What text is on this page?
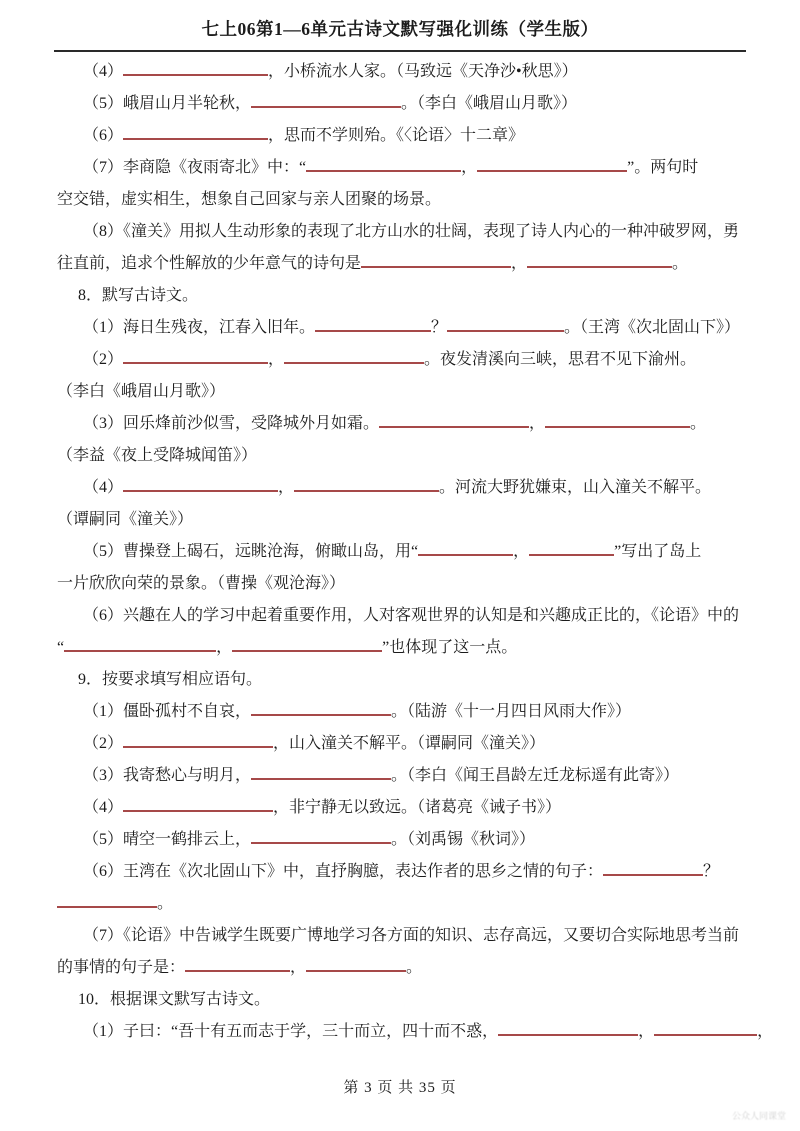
七上06第1—6单元古诗文默写强化训练（学生版）

（4）	，小桥流水人家。（马致远《天净沙•秋思》）

（5）峨眉山月半轮秋，	。（李白《峨眉山月歌》）

（6）	，思而不学则殆。《〈论语〉十二章》

（7）李商隐《夜雨寄北》中：“	，	”。两句时

空交错，虚实相生，想象自己回家与亲人团聚的场景。

（8）《潼关》用拟人生动形象的表现了北方山水的壮阔，表现了诗人内心的一种冲破罗网，勇

往直前，追求个性解放的少年意气的诗句是	，	。

8．默写古诗文。

（1）海日生残夜，江春入旧年。	？	。（王湾《次北固山下》）

（2）	，	。夜发清溪向三峡，思君不见下渝州。

（李白《峨眉山月歌》）

（3）回乐烽前沙似雪，受降城外月如霜。	，	。

（李益《夜上受降城闻笛》）

（4）	，	。河流大野犹嫌束，山入潼关不解平。

（谭嗣同《潼关》）

（5）曹操登上碣石，远眺沧海，俯瞰山岛，用“	，	”写出了岛上

一片欣欣向荣的景象。（曹操《观沧海》）

（6）兴趣在人的学习中起着重要作用，人对客观世界的认知是和兴趣成正比的，《论语》中的

“	，	”也体现了这一点。

9．按要求填写相应语句。

（1）僵卧孤村不自哀，	。（陆游《十一月四日风雨大作》）

（2）	，山入潼关不解平。（谭嗣同《潼关》）

（3）我寄愁心与明月，	。（李白《闻王昌龄左迁龙标遥有此寄》）

（4）	，非宁静无以致远。（诸葛亮《诫子书》）

（5）晴空一鹤排云上，	。（刘禹锡《秋词》）

（6）王湾在《次北固山下》中，直抒胸臆，表达作者的思乡之情的句子：	？

。

（7）《论语》中告诫学生既要广博地学习各方面的知识、志存高远，又要切合实际地思考当前

的事情的句子是：	，	。

10．根据课文默写古诗文。

（1）子曰：“吾十有五而志于学，三十而立，四十而不惑，	，	，

第 3 页 共 35 页
公众人同课堂
